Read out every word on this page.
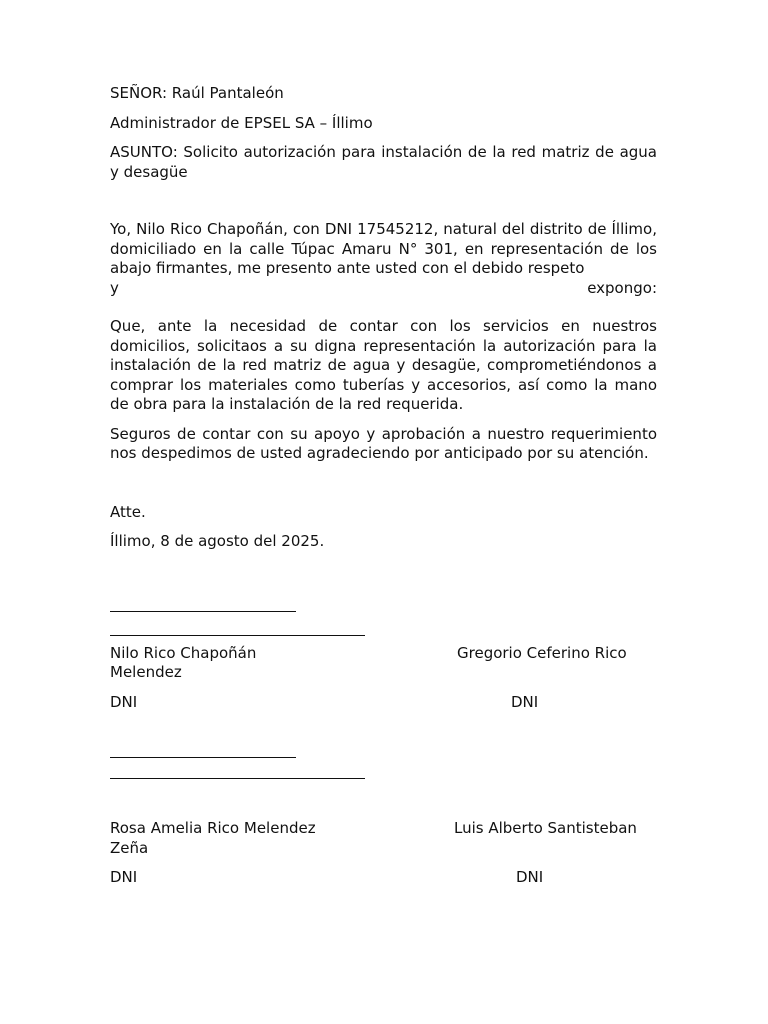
SEÑOR: Raúl Pantaleón
Administrador de EPSEL SA – Íllimo
ASUNTO: Solicito autorización para instalación de la red matriz de agua y desagüe
Yo, Nilo Rico Chapoñán, con DNI 17545212, natural del distrito de Íllimo, domiciliado en la calle Túpac Amaru N° 301, en representación de los abajo firmantes, me presento ante usted con el debido respeto
y expongo:
Que, ante la necesidad de contar con los servicios en nuestros domicilios, solicitaos a su digna representación la autorización para la instalación de la red matriz de agua y desagüe, comprometiéndonos a comprar los materiales como tuberías y accesorios, así como la mano de obra para la instalación de la red requerida.
Seguros de contar con su apoyo y aprobación a nuestro requerimiento nos despedimos de usted agradeciendo por anticipado por su atención.
Atte.
Íllimo, 8 de agosto del 2025.
Nilo Rico Chapoñán	Gregorio Ceferino Rico
Melendez
DNI	DNI
Rosa Amelia Rico Melendez	Luis Alberto Santisteban
Zeña
DNI	DNI
